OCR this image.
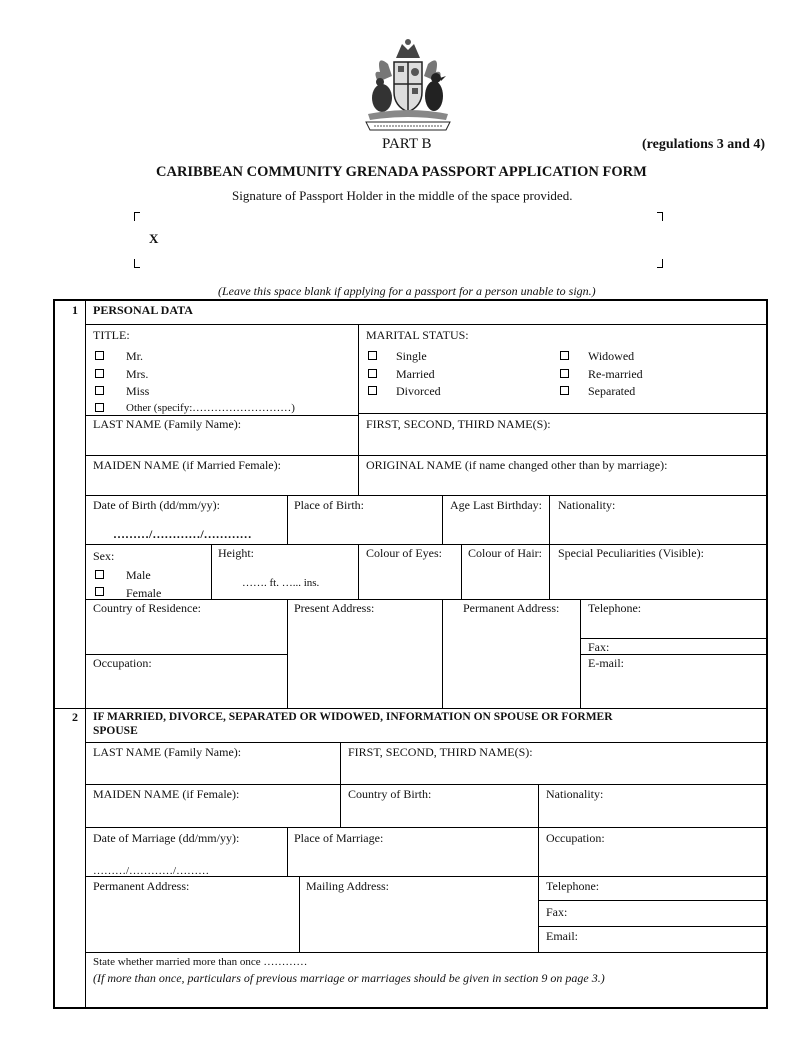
PART B	(regulations 3 and 4)
CARIBBEAN COMMUNITY GRENADA PASSPORT APPLICATION FORM
Signature of Passport Holder in the middle of the space provided.
X
(Leave this space blank if applying for a passport for a person unable to sign.)
1 PERSONAL DATA
TITLE:
Mr.
Mrs.
Miss
Other (specify:………………………)
MARITAL STATUS:
Single
Married
Divorced
Widowed
Re-married
Separated
LAST NAME (Family Name):	FIRST, SECOND, THIRD NAME(S):
MAIDEN NAME (if Married Female):	ORIGINAL NAME (if name changed other than by marriage):
Date of Birth (dd/mm/yy):
………/…………/…………
Place of Birth:	Age Last Birthday: Nationality:
Sex:
Male
Female
Height:
……. ft. …... ins.
Colour of Eyes: Colour of Hair: Special Peculiarities (Visible):
Country of Residence:	Present Address:	Permanent Address: Telephone:
Fax:
Occupation:	E-mail:
2 IF MARRIED, DIVORCE, SEPARATED OR WIDOWED, INFORMATION ON SPOUSE OR FORMER
SPOUSE
LAST NAME (Family Name):	FIRST, SECOND, THIRD NAME(S):
MAIDEN NAME (if Female):	Country of Birth:	Nationality:
Date of Marriage (dd/mm/yy):
………/…………/………
Place of Marriage:	Occupation:
Permanent Address:	Mailing Address:	Telephone:
Fax:
Email:
State whether married more than once …………
(If more than once, particulars of previous marriage or marriages should be given in section 9 on page 3.)
